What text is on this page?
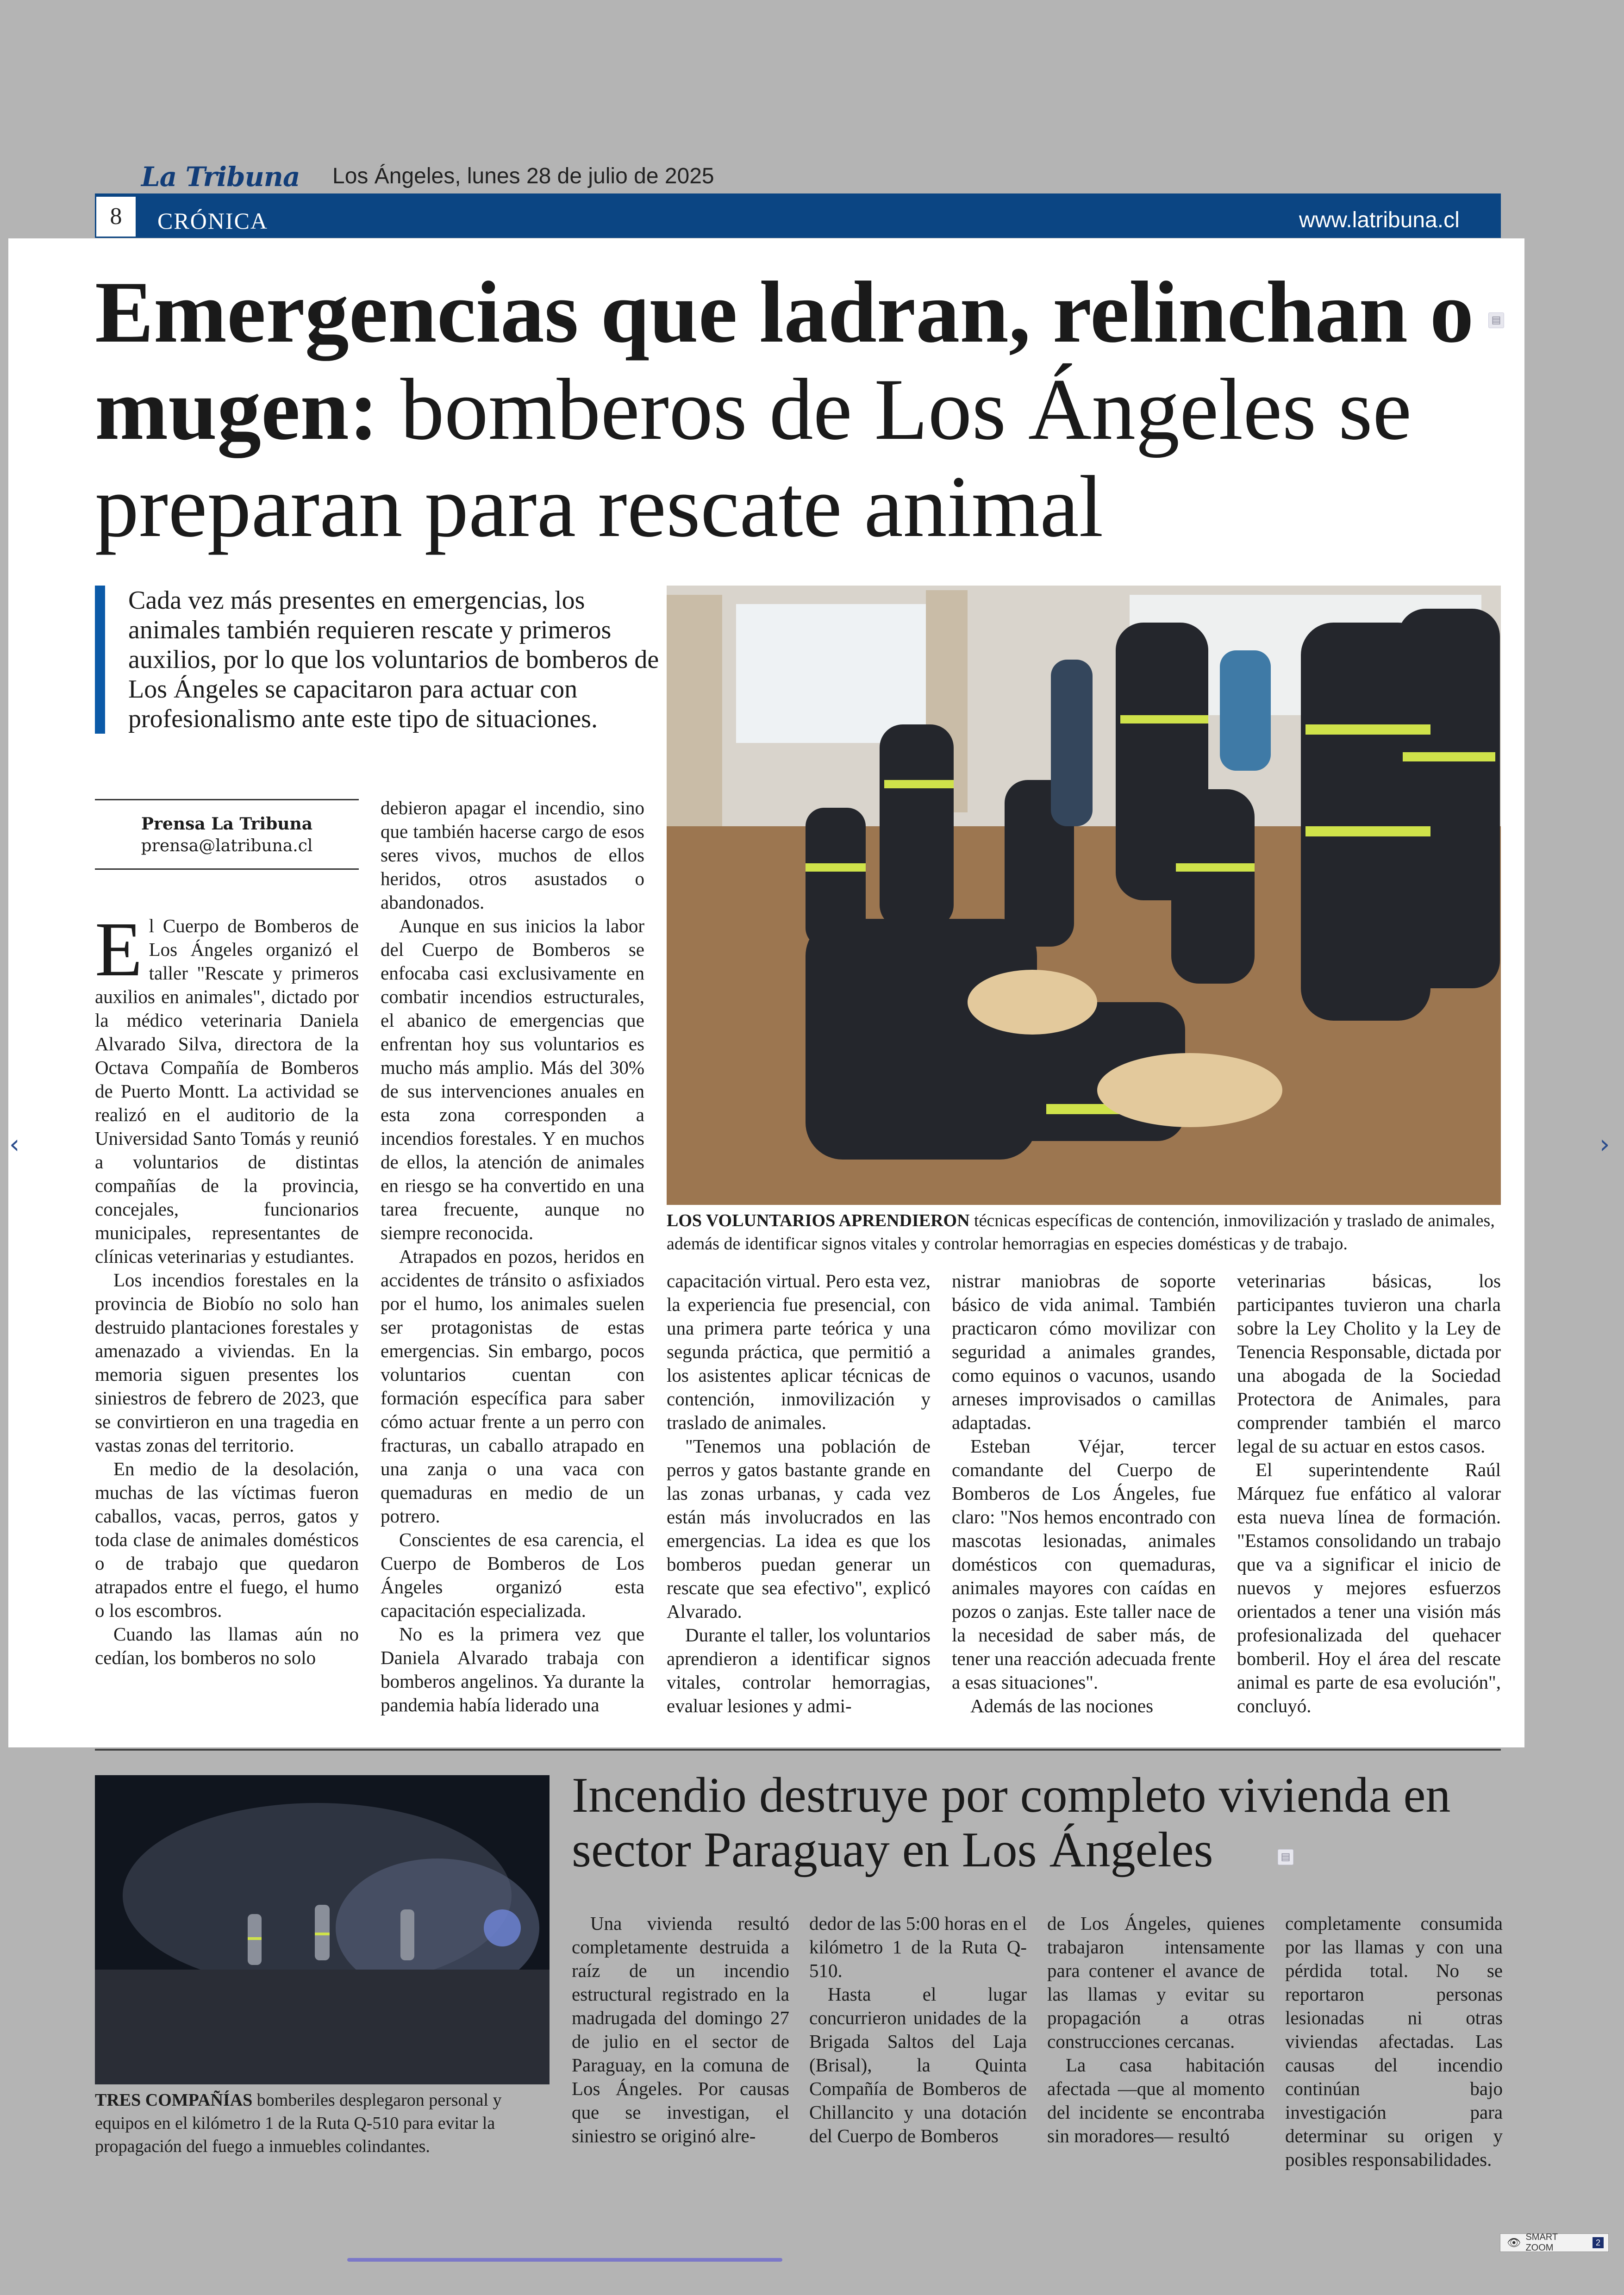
La Tribuna Los Ángeles, lunes 28 de julio de 2025
8	CRÓNICA	www.latribuna.cl
Emergencias que ladran, relinchan o mugen: bomberos de Los Ángeles se preparan para rescate animal
▤
Cada vez más presentes en emergencias, los animales también requieren rescate y primeros auxilios, por lo que los voluntarios de bomberos de Los Ángeles se capacitaron para actuar con profesionalismo ante este tipo de situaciones.
Prensa La Tribuna
prensa@latribuna.cl

El Cuerpo de Bomberos de Los Ángeles organizó el taller "Rescate y primeros auxilios en animales", dictado por la médico veterinaria Daniela Alvarado Silva, directora de la Octava Compañía de Bomberos de Puerto Montt. La actividad se realizó en el auditorio de la Universidad Santo Tomás y reunió a voluntarios de distintas compañías de la provincia, concejales, funcionarios municipales, representantes de clínicas veterinarias y estudiantes.

Los incendios forestales en la provincia de Biobío no solo han destruido plantaciones forestales y amenazado a viviendas. En la memoria siguen presentes los siniestros de febrero de 2023, que se convirtieron en una tragedia en vastas zonas del territorio.

En medio de la desolación, muchas de las víctimas fueron caballos, vacas, perros, gatos y toda clase de animales domésticos o de trabajo que quedaron atrapados entre el fuego, el humo o los escombros.

Cuando las llamas aún no cedían, los bomberos no solo

debieron apagar el incendio, sino que también hacerse cargo de esos seres vivos, muchos de ellos heridos, otros asustados o abandonados.

Aunque en sus inicios la labor del Cuerpo de Bomberos se enfocaba casi exclusivamente en combatir incendios estructurales, el abanico de emergencias que enfrentan hoy sus voluntarios es mucho más amplio. Más del 30% de sus intervenciones anuales en esta zona corresponden a incendios forestales. Y en muchos de ellos, la atención de animales en riesgo se ha convertido en una tarea frecuente, aunque no siempre reconocida.

Atrapados en pozos, heridos en accidentes de tránsito o asfixiados por el humo, los animales suelen ser protagonistas de estas emergencias. Sin embargo, pocos voluntarios cuentan con formación específica para saber cómo actuar frente a un perro con fracturas, un caballo atrapado en una zanja o una vaca con quemaduras en medio de un potrero.

Conscientes de esa carencia, el Cuerpo de Bomberos de Los Ángeles organizó esta capacitación especializada.

No es la primera vez que Daniela Alvarado trabaja con bomberos angelinos. Ya durante la pandemia había liderado una

LOS VOLUNTARIOS APRENDIERON técnicas específicas de contención, inmovilización y traslado de animales, además de identificar signos vitales y controlar hemorragias en especies domésticas y de trabajo.

capacitación virtual. Pero esta vez, la experiencia fue presencial, con una primera parte teórica y una segunda práctica, que permitió a los asistentes aplicar técnicas de contención, inmovilización y traslado de animales.

"Tenemos una población de perros y gatos bastante grande en las zonas urbanas, y cada vez están más involucrados en las emergencias. La idea es que los bomberos puedan generar un rescate que sea efectivo", explicó Alvarado.

Durante el taller, los voluntarios aprendieron a identificar signos vitales, controlar hemorragias, evaluar lesiones y admi-

nistrar maniobras de soporte básico de vida animal. También practicaron cómo movilizar con seguridad a animales grandes, como equinos o vacunos, usando arneses improvisados o camillas adaptadas.

Esteban Véjar, tercer comandante del Cuerpo de Bomberos de Los Ángeles, fue claro: "Nos hemos encontrado con mascotas lesionadas, animales domésticos con quemaduras, animales mayores con caídas en pozos o zanjas. Este taller nace de la necesidad de saber más, de tener una reacción adecuada frente a esas situaciones".

Además de las nociones

veterinarias básicas, los participantes tuvieron una charla sobre la Ley Cholito y la Ley de Tenencia Responsable, dictada por una abogada de la Sociedad Protectora de Animales, para comprender también el marco legal de su actuar en estos casos.

El superintendente Raúl Márquez fue enfático al valorar esta nueva línea de formación. "Estamos consolidando un trabajo que va a significar el inicio de nuevos y mejores esfuerzos orientados a tener una visión más profesionalizada del quehacer bomberil. Hoy el área del rescate animal es parte de esa evolución", concluyó.

TRES COMPAÑÍAS bomberiles desplegaron personal y equipos en el kilómetro 1 de la Ruta Q-510 para evitar la propagación del fuego a inmuebles colindantes.
Incendio destruye por completo vivienda en sector Paraguay en Los Ángeles	▤

Una vivienda resultó completamente destruida a raíz de un incendio estructural registrado en la madrugada del domingo 27 de julio en el sector de Paraguay, en la comuna de Los Ángeles. Por causas que se investigan, el siniestro se originó alre-

dedor de las 5:00 horas en el kilómetro 1 de la Ruta Q-510.

Hasta el lugar concurrieron unidades de la Brigada Saltos del Laja (Brisal), la Quinta Compañía de Bomberos de Chillancito y una dotación del Cuerpo de Bomberos

de Los Ángeles, quienes trabajaron intensamente para contener el avance de las llamas y evitar su propagación a otras construcciones cercanas.

La casa habitación afectada —que al momento del incidente se encontraba sin moradores— resultó

completamente consumida por las llamas y con una pérdida total. No se reportaron personas lesionadas ni otras viviendas afectadas. Las causas del incendio continúan bajo investigación para determinar su origen y posibles responsabilidades.

‹	›
👁 SMART ZOOM	2
